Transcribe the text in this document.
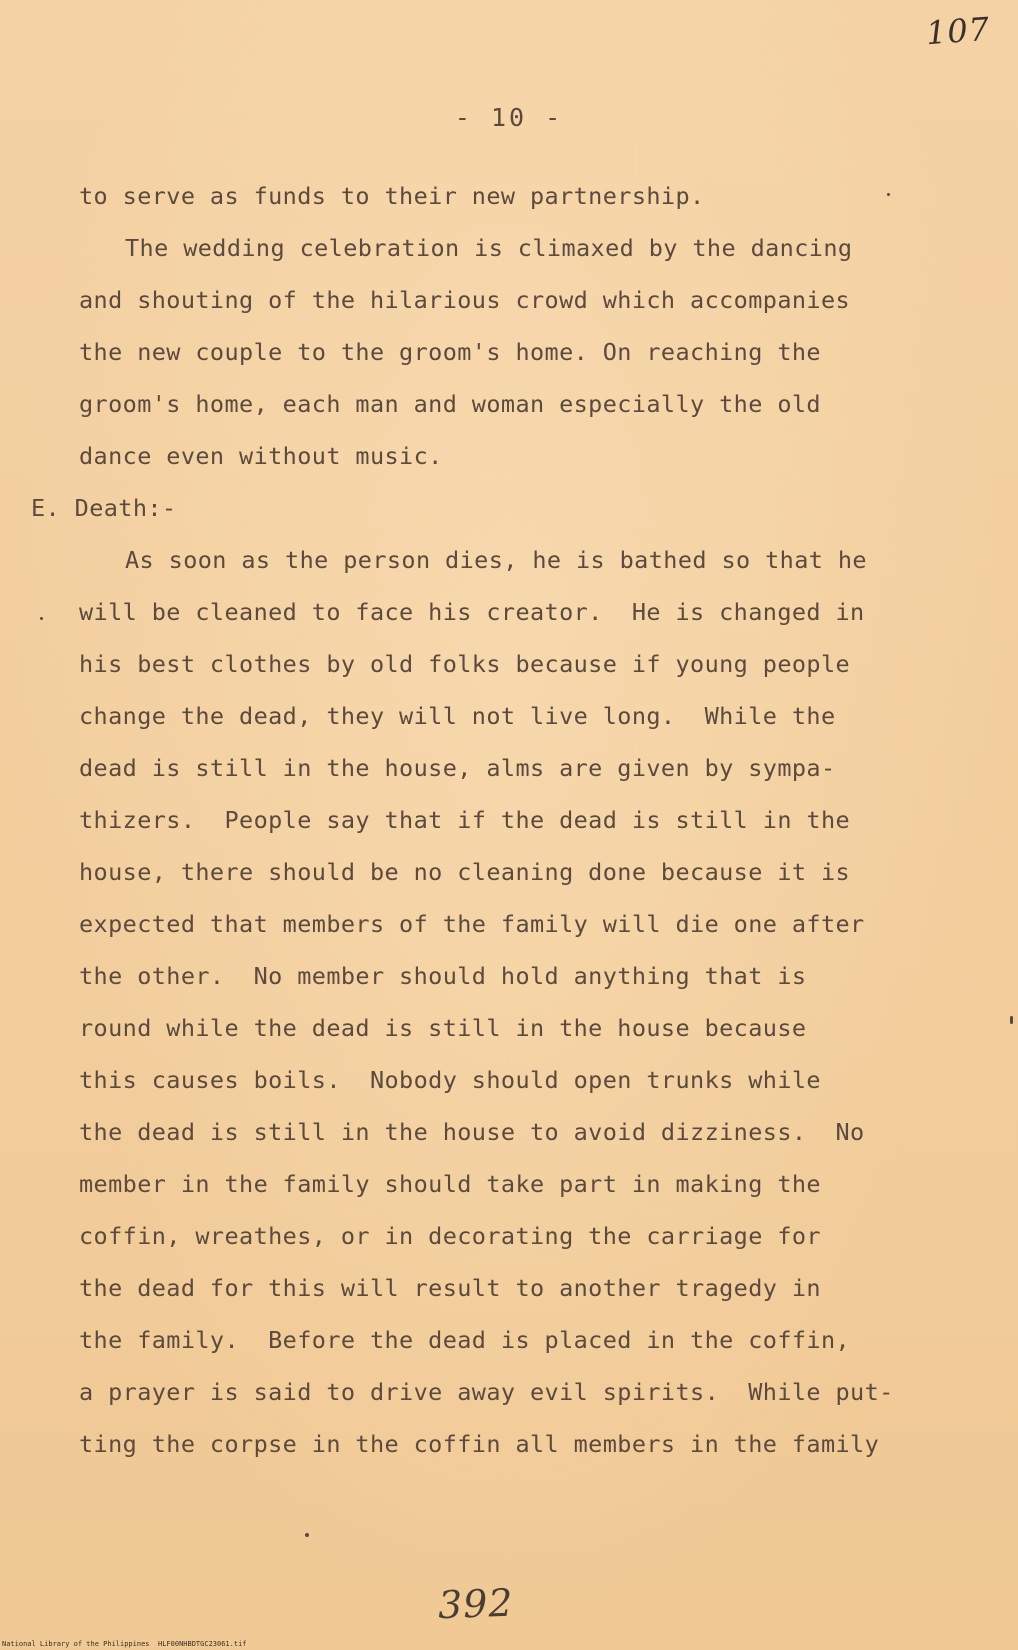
107
- 10 -
to serve as funds to their new partnership.
The wedding celebration is climaxed by the dancing
and shouting of the hilarious crowd which accompanies
the new couple to the groom's home. On reaching the
groom's home, each man and woman especially the old
dance even without music.
E. Death:-
As soon as the person dies, he is bathed so that he
will be cleaned to face his creator.  He is changed in
his best clothes by old folks because if young people
change the dead, they will not live long.  While the
dead is still in the house, alms are given by sympa-
thizers.  People say that if the dead is still in the
house, there should be no cleaning done because it is
expected that members of the family will die one after
the other.  No member should hold anything that is
round while the dead is still in the house because
this causes boils.  Nobody should open trunks while
the dead is still in the house to avoid dizziness.  No
member in the family should take part in making the
coffin, wreathes, or in decorating the carriage for
the dead for this will result to another tragedy in
the family.  Before the dead is placed in the coffin,
a prayer is said to drive away evil spirits.  While put-
ting the corpse in the coffin all members in the family
392
National Library of the Philippines HLF00NHBDTGC23061.tif
